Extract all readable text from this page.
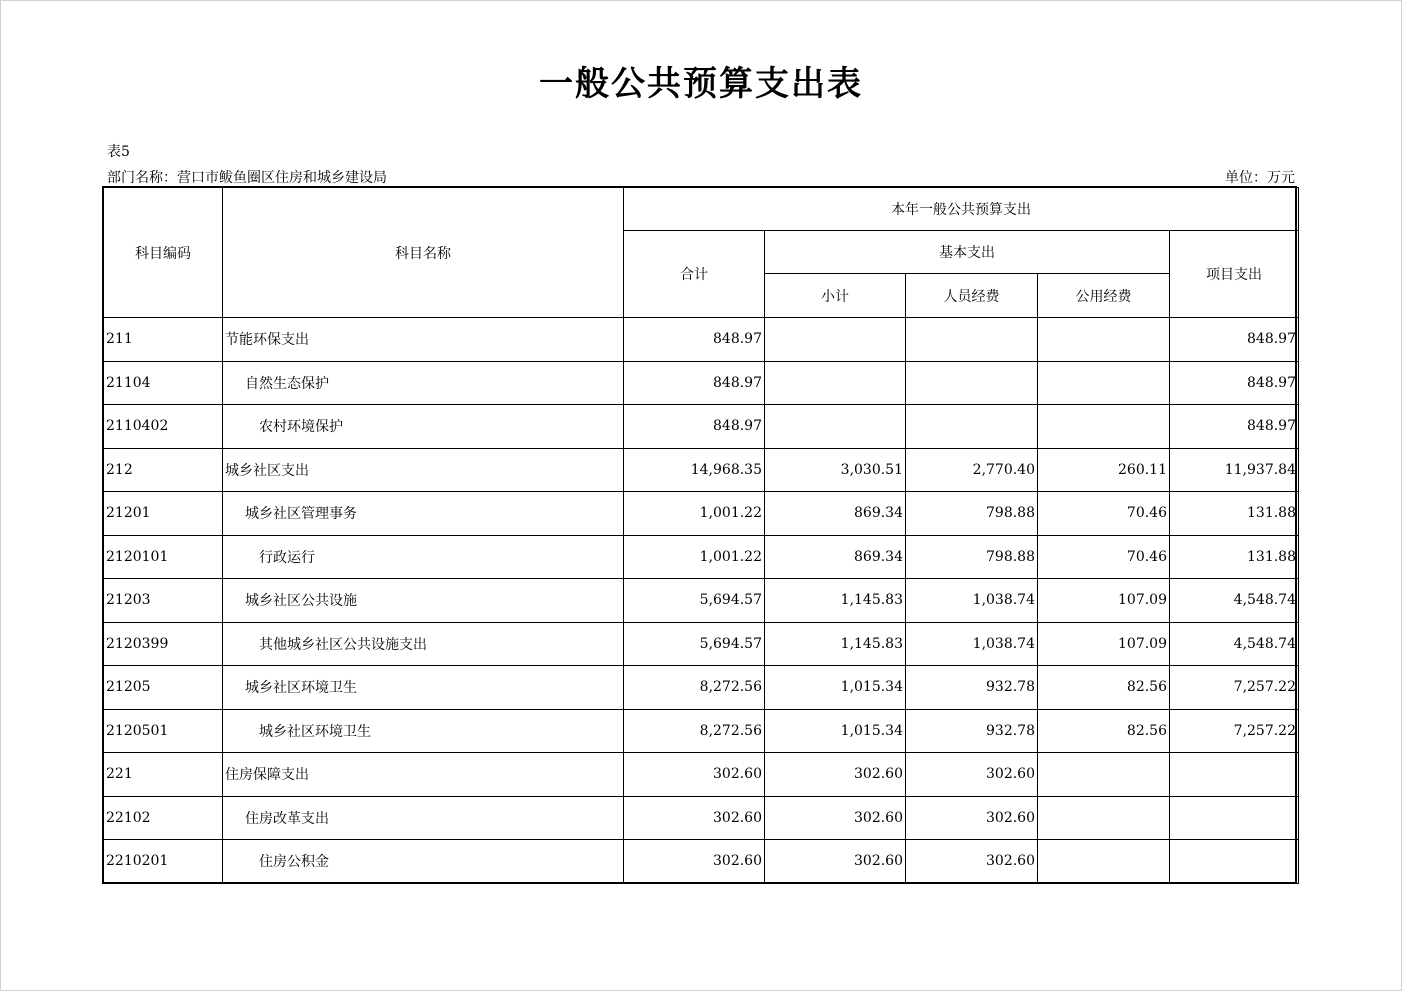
一般公共预算支出表
表5
部门名称：营口市鲅鱼圈区住房和城乡建设局	单位：万元
科目编码	科目名称	本年一般公共预算支出				
		合计	基本支出			项目支出
			小计	人员经费	公用经费	
211	节能环保支出	848.97				848.97
21104	自然生态保护	848.97				848.97
2110402	农村环境保护	848.97				848.97
212	城乡社区支出	14,968.35	3,030.51	2,770.40	260.11	11,937.84
21201	城乡社区管理事务	1,001.22	869.34	798.88	70.46	131.88
2120101	行政运行	1,001.22	869.34	798.88	70.46	131.88
21203	城乡社区公共设施	5,694.57	1,145.83	1,038.74	107.09	4,548.74
2120399	其他城乡社区公共设施支出	5,694.57	1,145.83	1,038.74	107.09	4,548.74
21205	城乡社区环境卫生	8,272.56	1,015.34	932.78	82.56	7,257.22
2120501	城乡社区环境卫生	8,272.56	1,015.34	932.78	82.56	7,257.22
221	住房保障支出	302.60	302.60	302.60		
22102	住房改革支出	302.60	302.60	302.60		
2210201	住房公积金	302.60	302.60	302.60		
